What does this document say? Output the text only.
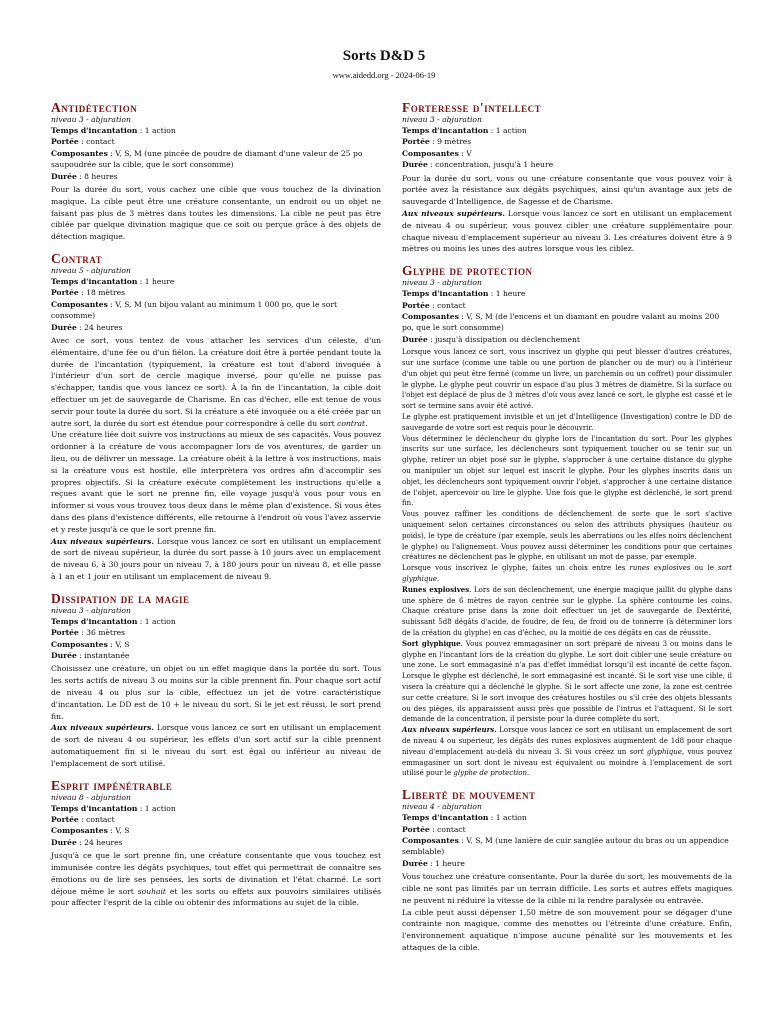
Sorts D&D 5
www.aidedd.org - 2024-06-19
Antidétection

niveau 3 - abjuration

Temps d'incantation : 1 action

Portée : contact

Composantes : V, S, M (une pincée de poudre de diamant d'une valeur de 25 po saupoudrée sur la cible, que le sort consomme)

Durée : 8 heures

Pour la durée du sort, vous cachez une cible que vous touchez de la divination magique. La cible peut être une créature consentante, un endroit ou un objet ne faisant pas plus de 3 mètres dans toutes les dimensions. La cible ne peut pas être ciblée par quelque divination magique que ce soit ou perçue grâce à des objets de détection magique.

Contrat

niveau 5 - abjuration

Temps d'incantation : 1 heure

Portée : 18 mètres

Composantes : V, S, M (un bijou valant au minimum 1 000 po, que le sort consomme)

Durée : 24 heures

Avec ce sort, vous tentez de vous attacher les services d'un céleste, d'un élémentaire, d'une fée ou d'un fiélon. La créature doit être à portée pendant toute la durée de l'incantation (typiquement, la créature est tout d'abord invoquée à l'intérieur d'un sort de cercle magique inversé, pour qu'elle ne puisse pas s'échapper, tandis que vous lancez ce sort). À la fin de l'incantation, la cible doit effectuer un jet de sauvegarde de Charisme. En cas d'échec, elle est tenue de vous servir pour toute la durée du sort. Si la créature a été invoquée ou a été créée par un autre sort, la durée du sort est étendue pour correspondre à celle du sort contrat.

Une créature liée doit suivre vos instructions au mieux de ses capacités. Vous pouvez ordonner à la créature de vous accompagner lors de vos aventures, de garder un lieu, ou de délivrer un message. La créature obéit à la lettre à vos instructions, mais si la créature vous est hostile, elle interprètera vos ordres afin d'accomplir ses propres objectifs. Si la créature exécute complètement les instructions qu'elle a reçues avant que le sort ne prenne fin, elle voyage jusqu'à vous pour vous en informer si vous vous trouvez tous deux dans le même plan d'existence. Si vous êtes dans des plans d'existence différents, elle retourne à l'endroit où vous l'avez asservie et y reste jusqu'à ce que le sort prenne fin.

Aux niveaux supérieurs. Lorsque vous lancez ce sort en utilisant un emplacement de sort de niveau supérieur, la durée du sort passe à 10 jours avec un emplacement de niveau 6, à 30 jours pour un niveau 7, à 180 jours pour un niveau 8, et elle passe à 1 an et 1 jour en utilisant un emplacement de niveau 9.

Dissipation de la magie

niveau 3 - abjuration

Temps d'incantation : 1 action

Portée : 36 mètres

Composantes : V, S

Durée : instantanée

Choisissez une créature, un objet ou un effet magique dans la portée du sort. Tous les sorts actifs de niveau 3 ou moins sur la cible prennent fin. Pour chaque sort actif de niveau 4 ou plus sur la cible, effectuez un jet de votre caractéristique d'incantation. Le DD est de 10 + le niveau du sort. Si le jet est réussi, le sort prend fin.

Aux niveaux supérieurs. Lorsque vous lancez ce sort en utilisant un emplacement de sort de niveau 4 ou supérieur, les effets d'un sort actif sur la cible prennent automatiquement fin si le niveau du sort est égal ou inférieur au niveau de l'emplacement de sort utilisé.

Esprit impénétrable

niveau 8 - abjuration

Temps d'incantation : 1 action

Portée : contact

Composantes : V, S

Durée : 24 heures

Jusqu'à ce que le sort prenne fin, une créature consentante que vous touchez est immunisée contre les dégâts psychiques, tout effet qui permettrait de connaître ses émotions ou de lire ses pensées, les sorts de divination et l'état charmé. Le sort déjoue même le sort souhait et les sorts ou effets aux pouvoirs similaires utilisés pour affecter l'esprit de la cible ou obtenir des informations au sujet de la cible.

Forteresse d'intellect

niveau 3 - abjuration

Temps d'incantation : 1 action

Portée : 9 mètres

Composantes : V

Durée : concentration, jusqu'à 1 heure

Pour la durée du sort, vous ou une créature consentante que vous pouvez voir à portée avez la résistance aux dégâts psychiques, ainsi qu'un avantage aux jets de sauvegarde d'Intelligence, de Sagesse et de Charisme.

Aux niveaux supérieurs. Lorsque vous lancez ce sort en utilisant un emplacement de niveau 4 ou supérieur, vous pouvez cibler une créature supplémentaire pour chaque niveau d'emplacement supérieur au niveau 3. Les créatures doivent être à 9 mètres ou moins les unes des autres lorsque vous les ciblez.

Glyphe de protection

niveau 3 - abjuration

Temps d'incantation : 1 heure

Portée : contact

Composantes : V, S, M (de l'encens et un diamant en poudre valant au moins 200 po, que le sort consomme)

Durée : jusqu'à dissipation ou déclenchement

Lorsque vous lancez ce sort, vous inscrivez un glyphe qui peut blesser d'autres créatures, sur une surface (comme une table ou une portion de plancher ou de mur) ou à l'intérieur d'un objet qui peut être fermé (comme un livre, un parchemin ou un coffret) pour dissimuler le glyphe. Le glyphe peut couvrir un espace d'au plus 3 mètres de diamètre. Si la surface ou l'objet est déplacé de plus de 3 mètres d'où vous avez lancé ce sort, le glyphe est cassé et le sort se termine sans avoir été activé.

Le glyphe est pratiquement invisible et un jet d'Intelligence (Investigation) contre le DD de sauvegarde de votre sort est requis pour le découvrir.

Vous déterminez le déclencheur du glyphe lors de l'incantation du sort. Pour les glyphes inscrits sur une surface, les déclencheurs sont typiquement toucher ou se tenir sur un glyphe, retirer un objet posé sur le glyphe, s'approcher à une certaine distance du glyphe ou manipuler un objet sur lequel est inscrit le glyphe. Pour les glyphes inscrits dans un objet, les déclencheurs sont typiquement ouvrir l'objet, s'approcher à une certaine distance de l'objet, apercevoir ou lire le glyphe. Une fois que le glyphe est déclenché, le sort prend fin.

Vous pouvez raffiner les conditions de déclenchement de sorte que le sort s'active uniquement selon certaines circonstances ou selon des attributs physiques (hauteur ou poids), le type de créature (par exemple, seuls les aberrations ou les elfes noirs déclenchent le glyphe) ou l'alignement. Vous pouvez aussi déterminer les conditions pour que certaines créatures ne déclenchent pas le glyphe, en utilisant un mot de passe, par exemple.

Lorsque vous inscrivez le glyphe, faites un choix entre les runes explosives ou le sort glyphique.

Runes explosives. Lors de son déclenchement, une énergie magique jaillit du glyphe dans une sphère de 6 mètres de rayon centrée sur le glyphe. La sphère contourne les coins. Chaque créature prise dans la zone doit effectuer un jet de sauvegarde de Dextérité, subissant 5d8 dégâts d'acide, de foudre, de feu, de froid ou de tonnerre (à déterminer lors de la création du glyphe) en cas d'échec, ou la moitié de ces dégâts en cas de réussite.

Sort glyphique. Vous pouvez emmagasiner un sort préparé de niveau 3 ou moins dans le glyphe en l'incantant lors de la création du glyphe. Le sort doit cibler une seule créature ou une zone. Le sort emmagasiné n'a pas d'effet immédiat lorsqu'il est incanté de cette façon. Lorsque le glyphe est déclenché, le sort emmagasiné est incanté. Si le sort vise une cible, il visera la créature qui a déclenché le glyphe. Si le sort affecte une zone, la zone est centrée sur cette créature. Si le sort invoque des créatures hostiles ou s'il crée des objets blessants ou des pièges, ils apparaissent aussi près que possible de l'intrus et l'attaquent. Si le sort demande de la concentration, il persiste pour la durée complète du sort.

Aux niveaux supérieurs. Lorsque vous lancez ce sort en utilisant un emplacement de sort de niveau 4 ou supérieur, les dégâts des runes explosives augmentent de 1d8 pour chaque niveau d'emplacement au-delà du niveau 3. Si vous créez un sort glyphique, vous pouvez emmagasiner un sort dont le niveau est équivalent ou moindre à l'emplacement de sort utilisé pour le glyphe de protection.

Liberté de mouvement

niveau 4 - abjuration

Temps d'incantation : 1 action

Portée : contact

Composantes : V, S, M (une lanière de cuir sanglée autour du bras ou un appendice semblable)

Durée : 1 heure

Vous touchez une créature consentante. Pour la durée du sort, les mouvements de la cible ne sont pas limités par un terrain difficile. Les sorts et autres effets magiques ne peuvent ni réduire la vitesse de la cible ni la rendre paralysée ou entravée.

La cible peut aussi dépenser 1,50 mètre de son mouvement pour se dégager d'une contrainte non magique, comme des menottes ou l'étreinte d'une créature. Enfin, l'environnement aquatique n'impose aucune pénalité sur les mouvements et les attaques de la cible.
